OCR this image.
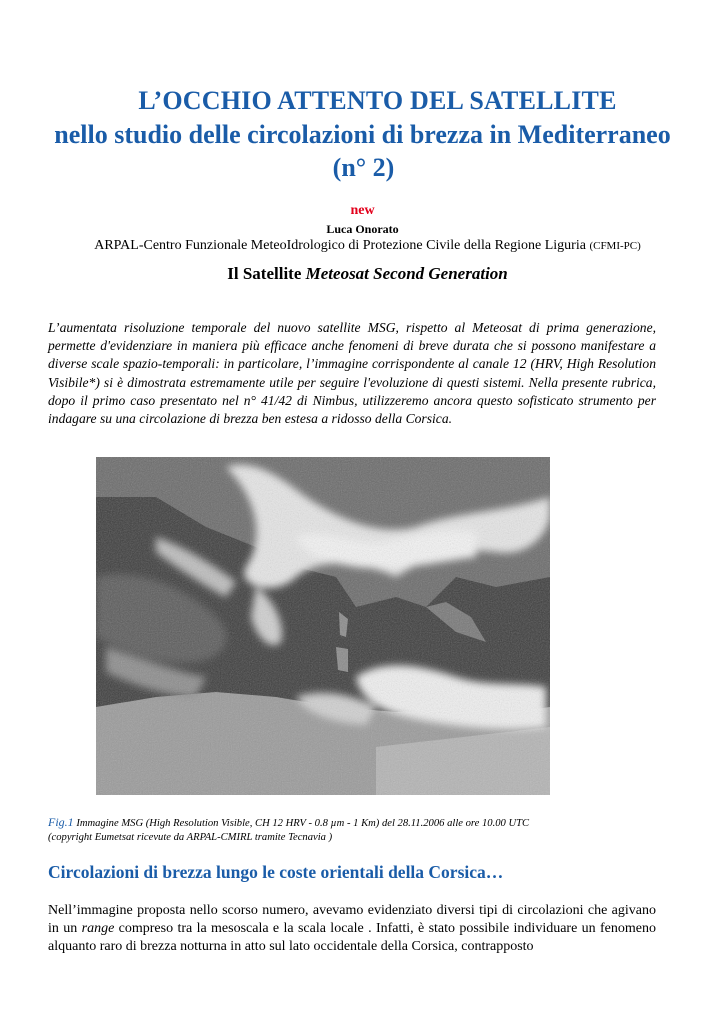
L’OCCHIO ATTENTO DEL SATELLITE
nello studio delle circolazioni di brezza in Mediterraneo
(n° 2)
new
Luca Onorato
ARPAL-Centro Funzionale MeteoIdrologico di Protezione Civile della Regione Liguria (CFMI-PC)
Il Satellite Meteosat Second Generation
L’aumentata risoluzione temporale del nuovo satellite MSG, rispetto al Meteosat di prima generazione, permette d'evidenziare in maniera più efficace anche fenomeni di breve durata che si possono manifestare a diverse scale spazio-temporali: in particolare, l’immagine corrispondente al canale 12 (HRV, High Resolution Visibile*) si è dimostrata estremamente utile per seguire l'evoluzione di questi sistemi. Nella presente rubrica, dopo il primo caso presentato nel n° 41/42 di Nimbus, utilizzeremo ancora questo sofisticato strumento per indagare su una circolazione di brezza ben estesa a ridosso della Corsica.
Fig.1 Immagine MSG (High Resolution Visible, CH 12 HRV - 0.8 µm - 1 Km) del 28.11.2006 alle ore 10.00 UTC
(copyright Eumetsat ricevute da ARPAL-CMIRL tramite Tecnavia )
Circolazioni di brezza lungo le coste orientali della Corsica…
Nell’immagine proposta nello scorso numero, avevamo evidenziato diversi tipi di circolazioni che agivano in un range compreso tra la mesoscala e la scala locale . Infatti, è stato possibile individuare un fenomeno alquanto raro di brezza notturna in atto sul lato occidentale della Corsica, contrapposto
